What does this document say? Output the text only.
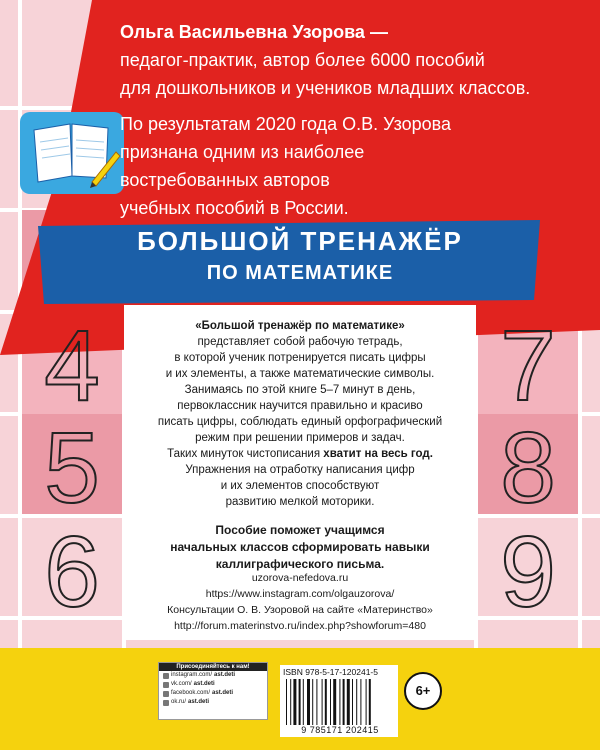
Ольга Васильевна Узорова —

педагог-практик, автор более 6000 пособий

для дошкольников и учеников младших классов.

По результатам 2020 года О.В. Узорова

признана одним из наиболее

востребованных авторов

учебных пособий в России.

БОЛЬШОЙ ТРЕНАЖЁР
ПО МАТЕМАТИКЕ
4
5
6
7
8
9
«Большой тренажёр по математике»
представляет собой рабочую тетрадь,
в которой ученик потренируется писать цифры
и их элементы, а также математические символы.
Занимаясь по этой книге 5–7 минут в день,
первоклассник научится правильно и красиво
писать цифры, соблюдать единый орфографический
режим при решении примеров и задач.
Таких минуток чистописания хватит на весь год.
Упражнения на отработку написания цифр
и их элементов способствуют
развитию мелкой моторики.
Пособие поможет учащимся
начальных классов сформировать навыки
каллиграфического письма.
uzorova-nefedova.ru
https://www.instagram.com/olgauzorova/
Консультации О. В. Узоровой на сайте «Материнство»
http://forum.materinstvo.ru/index.php?showforum=480
Присоединяйтесь к нам!
instagram.com/ ast.deti
vk.com/ ast.deti
facebook.com/ ast.deti
ok.ru/ ast.deti
ISBN 978-5-17-120241-5
9 785171 202415
6+
